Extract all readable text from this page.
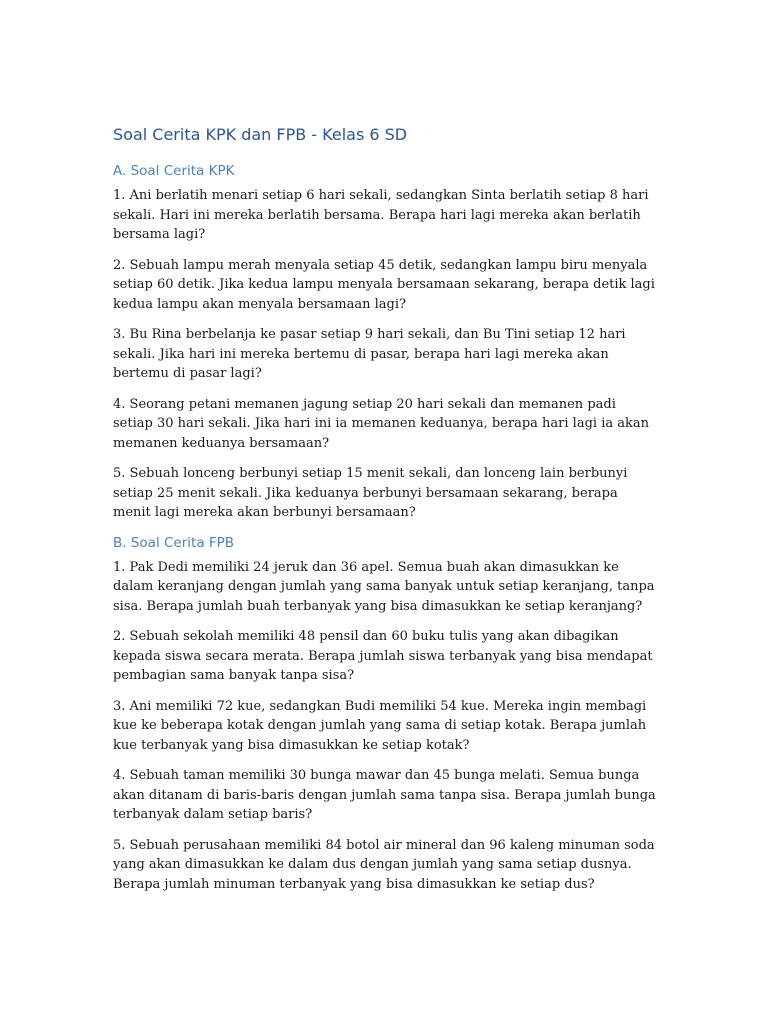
Soal Cerita KPK dan FPB - Kelas 6 SD
A. Soal Cerita KPK

1. Ani berlatih menari setiap 6 hari sekali, sedangkan Sinta berlatih setiap 8 hari sekali. Hari ini mereka berlatih bersama. Berapa hari lagi mereka akan berlatih bersama lagi?

2. Sebuah lampu merah menyala setiap 45 detik, sedangkan lampu biru menyala setiap 60 detik. Jika kedua lampu menyala bersamaan sekarang, berapa detik lagi kedua lampu akan menyala bersamaan lagi?

3. Bu Rina berbelanja ke pasar setiap 9 hari sekali, dan Bu Tini setiap 12 hari sekali. Jika hari ini mereka bertemu di pasar, berapa hari lagi mereka akan bertemu di pasar lagi?

4. Seorang petani memanen jagung setiap 20 hari sekali dan memanen padi setiap 30 hari sekali. Jika hari ini ia memanen keduanya, berapa hari lagi ia akan memanen keduanya bersamaan?

5. Sebuah lonceng berbunyi setiap 15 menit sekali, dan lonceng lain berbunyi setiap 25 menit sekali. Jika keduanya berbunyi bersamaan sekarang, berapa menit lagi mereka akan berbunyi bersamaan?

B. Soal Cerita FPB

1. Pak Dedi memiliki 24 jeruk dan 36 apel. Semua buah akan dimasukkan ke dalam keranjang dengan jumlah yang sama banyak untuk setiap keranjang, tanpa sisa. Berapa jumlah buah terbanyak yang bisa dimasukkan ke setiap keranjang?

2. Sebuah sekolah memiliki 48 pensil dan 60 buku tulis yang akan dibagikan kepada siswa secara merata. Berapa jumlah siswa terbanyak yang bisa mendapat pembagian sama banyak tanpa sisa?

3. Ani memiliki 72 kue, sedangkan Budi memiliki 54 kue. Mereka ingin membagi kue ke beberapa kotak dengan jumlah yang sama di setiap kotak. Berapa jumlah kue terbanyak yang bisa dimasukkan ke setiap kotak?

4. Sebuah taman memiliki 30 bunga mawar dan 45 bunga melati. Semua bunga akan ditanam di baris-baris dengan jumlah sama tanpa sisa. Berapa jumlah bunga terbanyak dalam setiap baris?

5. Sebuah perusahaan memiliki 84 botol air mineral dan 96 kaleng minuman soda yang akan dimasukkan ke dalam dus dengan jumlah yang sama setiap dusnya. Berapa jumlah minuman terbanyak yang bisa dimasukkan ke setiap dus?
